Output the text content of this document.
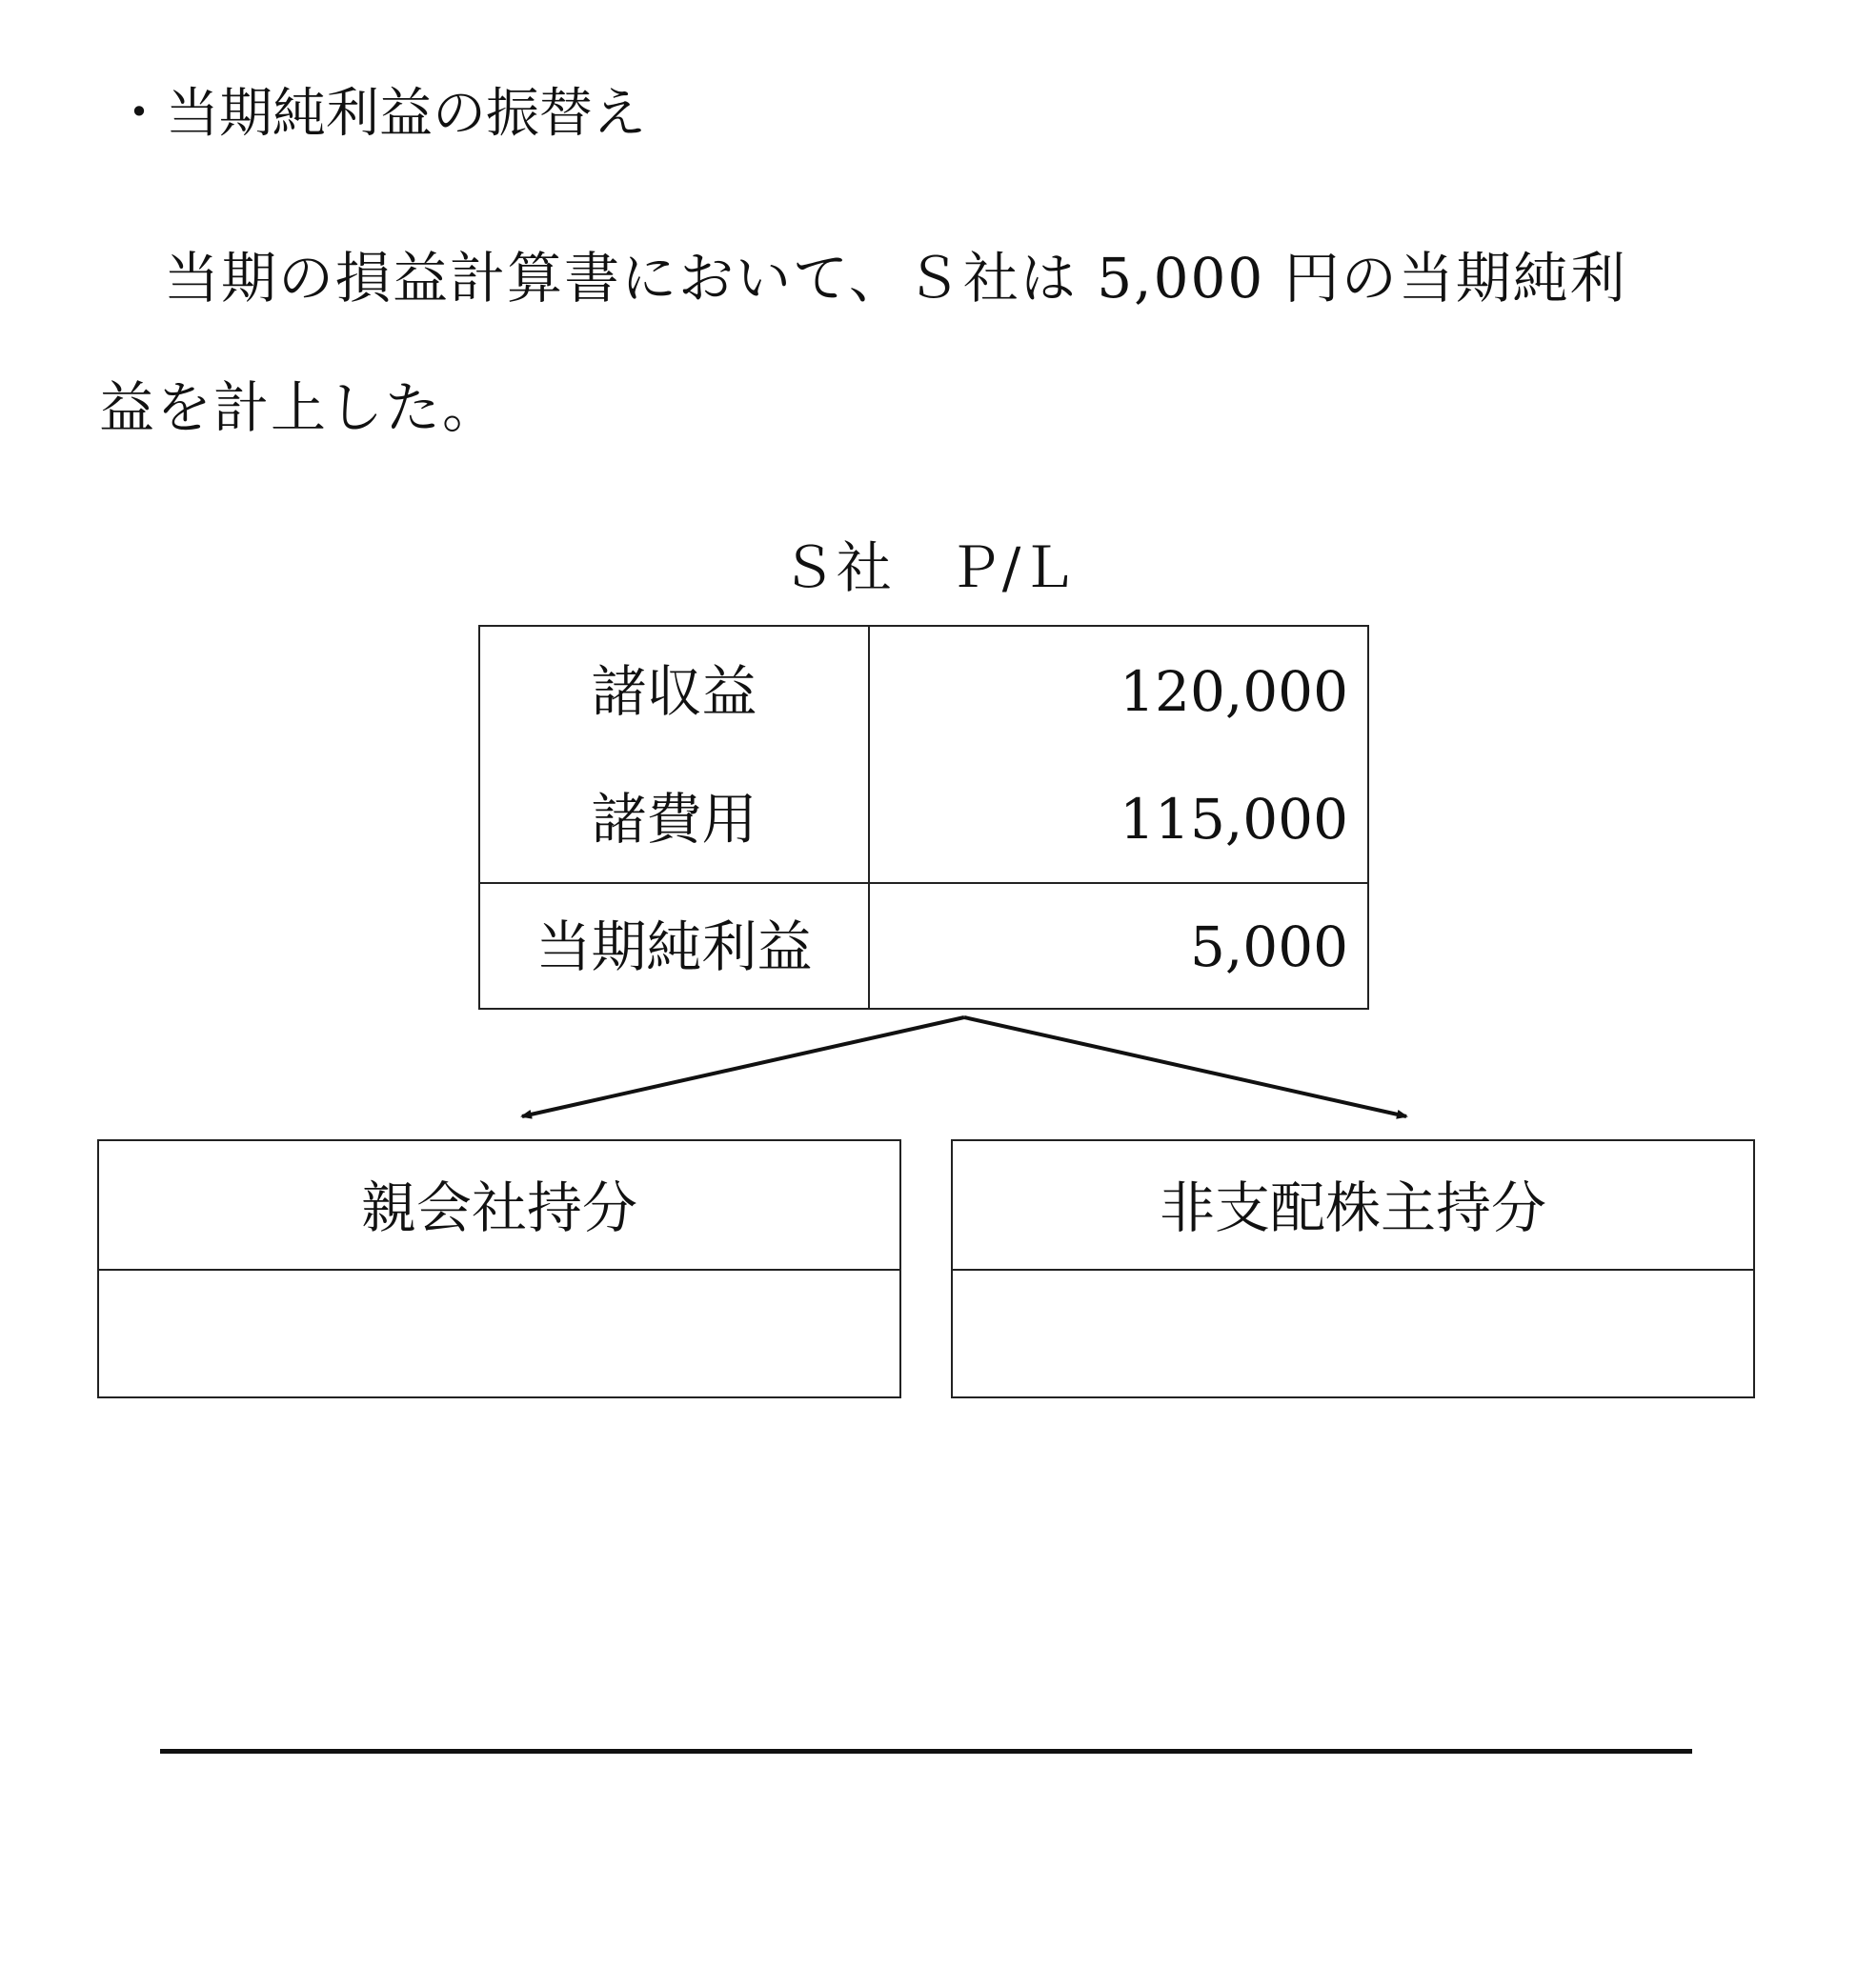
・当期純利益の振替え
当期の損益計算書において、Ｓ社は 5,000 円の当期純利
益を計上した。
Ｓ社　Ｐ/Ｌ
諸収益	120,000
諸費用	115,000
当期純利益	5,000
親会社持分	非支配株主持分
